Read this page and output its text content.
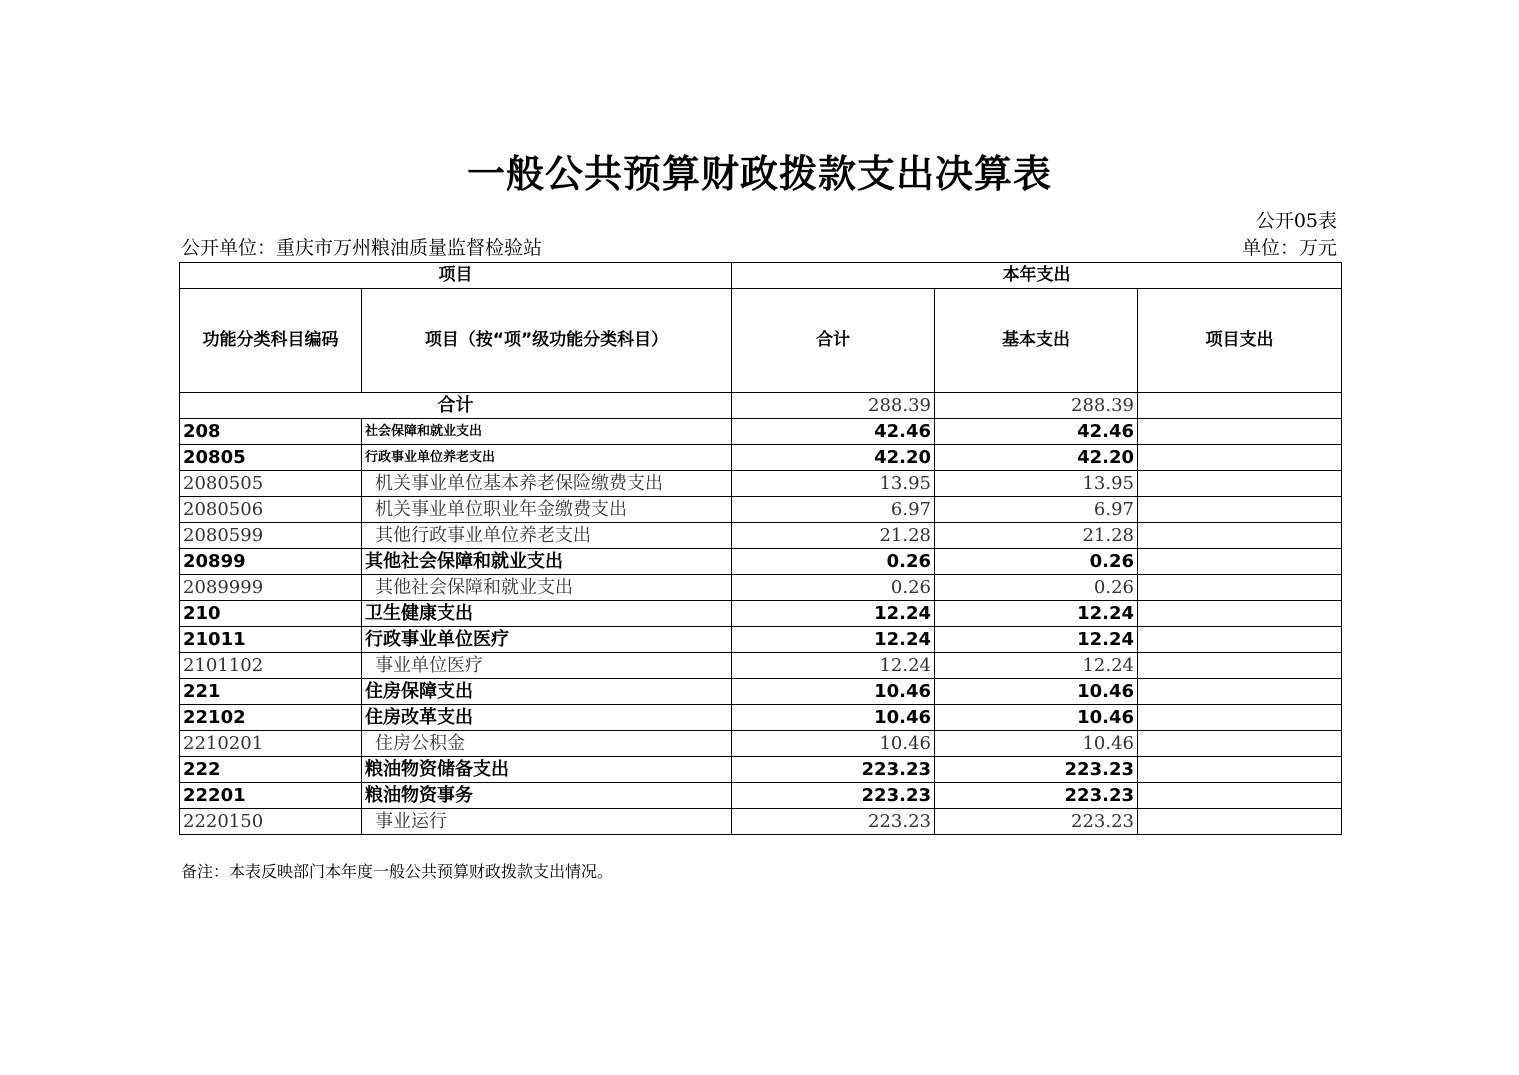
一般公共预算财政拨款支出决算表
公开05表
公开单位：重庆市万州粮油质量监督检验站	单位：万元
项目		本年支出		
功能分类科目编码	项目（按“项”级功能分类科目）	合计	基本支出	项目支出
合计		288.39	288.39	
208	社会保障和就业支出	42.46	42.46	
20805	行政事业单位养老支出	42.20	42.20	
2080505	机关事业单位基本养老保险缴费支出	13.95	13.95	
2080506	机关事业单位职业年金缴费支出	6.97	6.97	
2080599	其他行政事业单位养老支出	21.28	21.28	
20899	其他社会保障和就业支出	0.26	0.26	
2089999	其他社会保障和就业支出	0.26	0.26	
210	卫生健康支出	12.24	12.24	
21011	行政事业单位医疗	12.24	12.24	
2101102	事业单位医疗	12.24	12.24	
221	住房保障支出	10.46	10.46	
22102	住房改革支出	10.46	10.46	
2210201	住房公积金	10.46	10.46	
222	粮油物资储备支出	223.23	223.23	
22201	粮油物资事务	223.23	223.23	
2220150	事业运行	223.23	223.23	
备注：本表反映部门本年度一般公共预算财政拨款支出情况。
